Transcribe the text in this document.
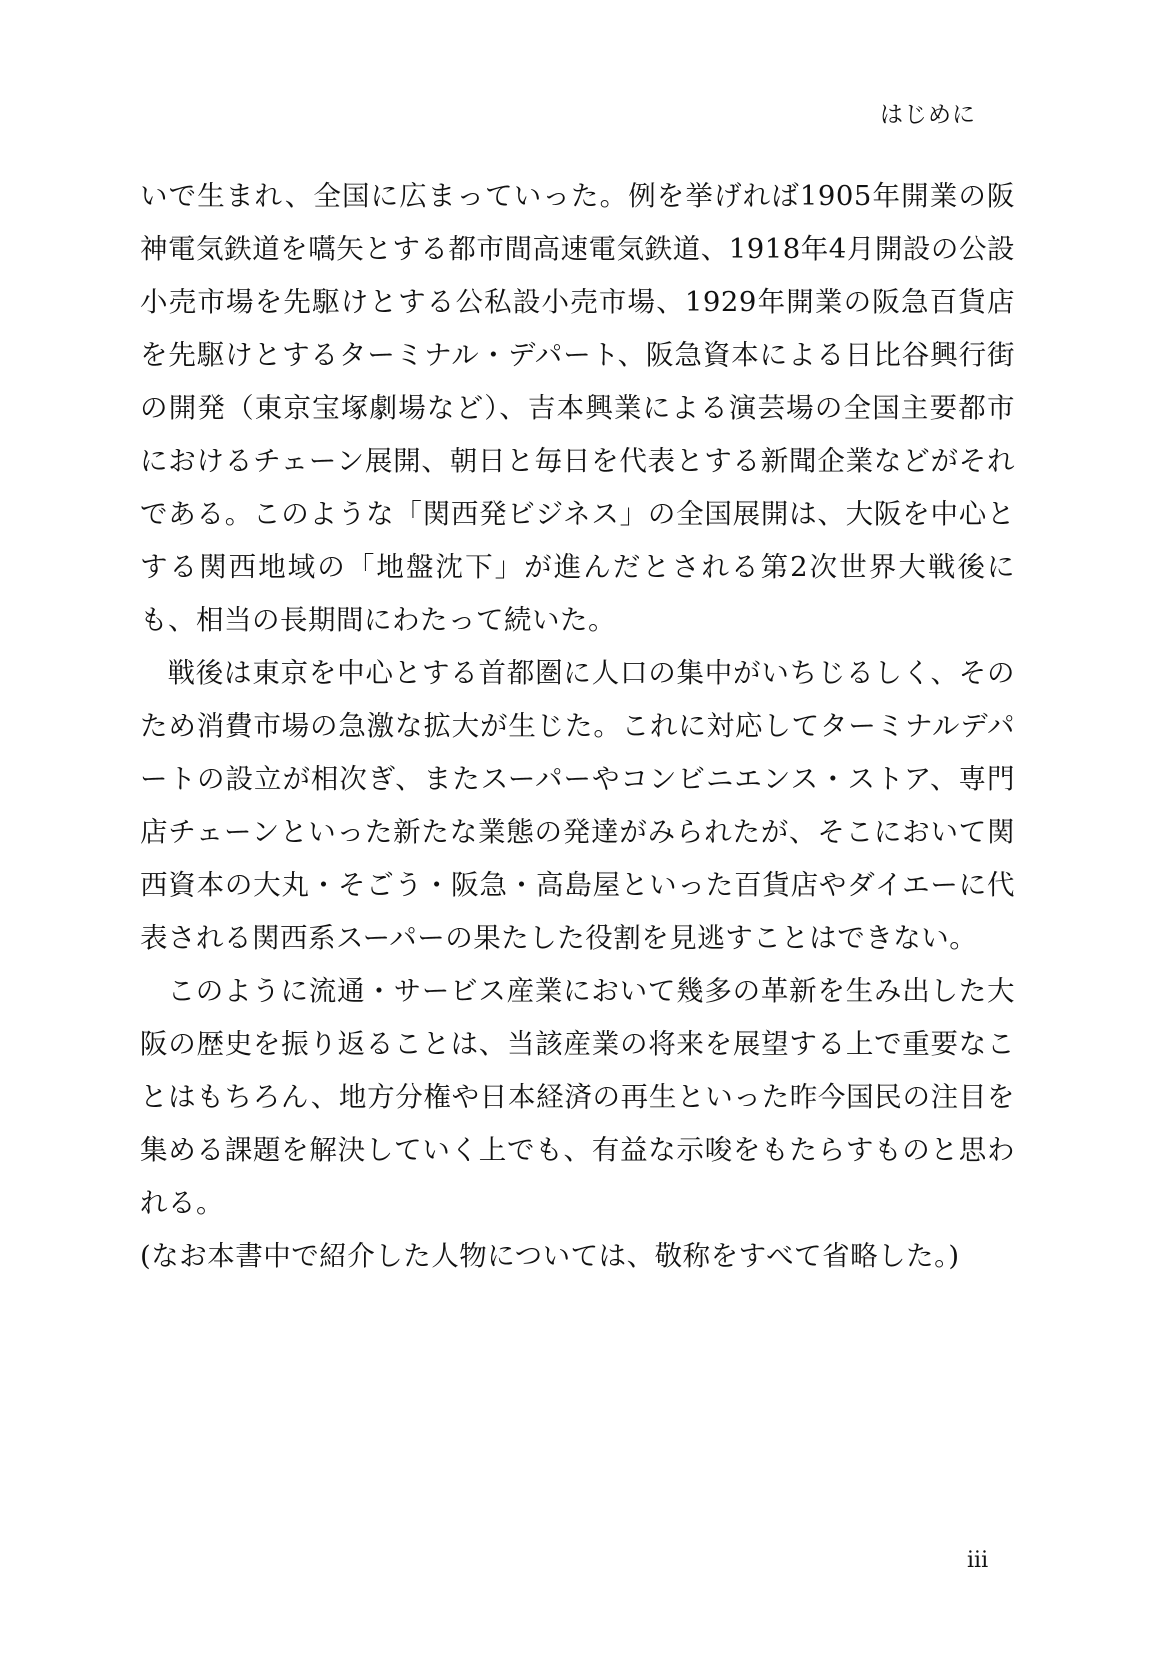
はじめに

いで生まれ、全国に広まっていった。例を挙げれば1905年開業の阪神電気鉄道を嚆矢とする都市間高速電気鉄道、1918年4月開設の公設小売市場を先駆けとする公私設小売市場、1929年開業の阪急百貨店を先駆けとするターミナル・デパート、阪急資本による日比谷興行街の開発（東京宝塚劇場など）、吉本興業による演芸場の全国主要都市におけるチェーン展開、朝日と毎日を代表とする新聞企業などがそれである。このような「関西発ビジネス」の全国展開は、大阪を中心とする関西地域の「地盤沈下」が進んだとされる第2次世界大戦後にも、相当の長期間にわたって続いた。

戦後は東京を中心とする首都圏に人口の集中がいちじるしく、そのため消費市場の急激な拡大が生じた。これに対応してターミナルデパートの設立が相次ぎ、またスーパーやコンビニエンス・ストア、専門店チェーンといった新たな業態の発達がみられたが、そこにおいて関西資本の大丸・そごう・阪急・高島屋といった百貨店やダイエーに代表される関西系スーパーの果たした役割を見逃すことはできない。

このように流通・サービス産業において幾多の革新を生み出した大阪の歴史を振り返ることは、当該産業の将来を展望する上で重要なことはもちろん、地方分権や日本経済の再生といった昨今国民の注目を集める課題を解決していく上でも、有益な示唆をもたらすものと思われる。

(なお本書中で紹介した人物については、敬称をすべて省略した。)

iii
